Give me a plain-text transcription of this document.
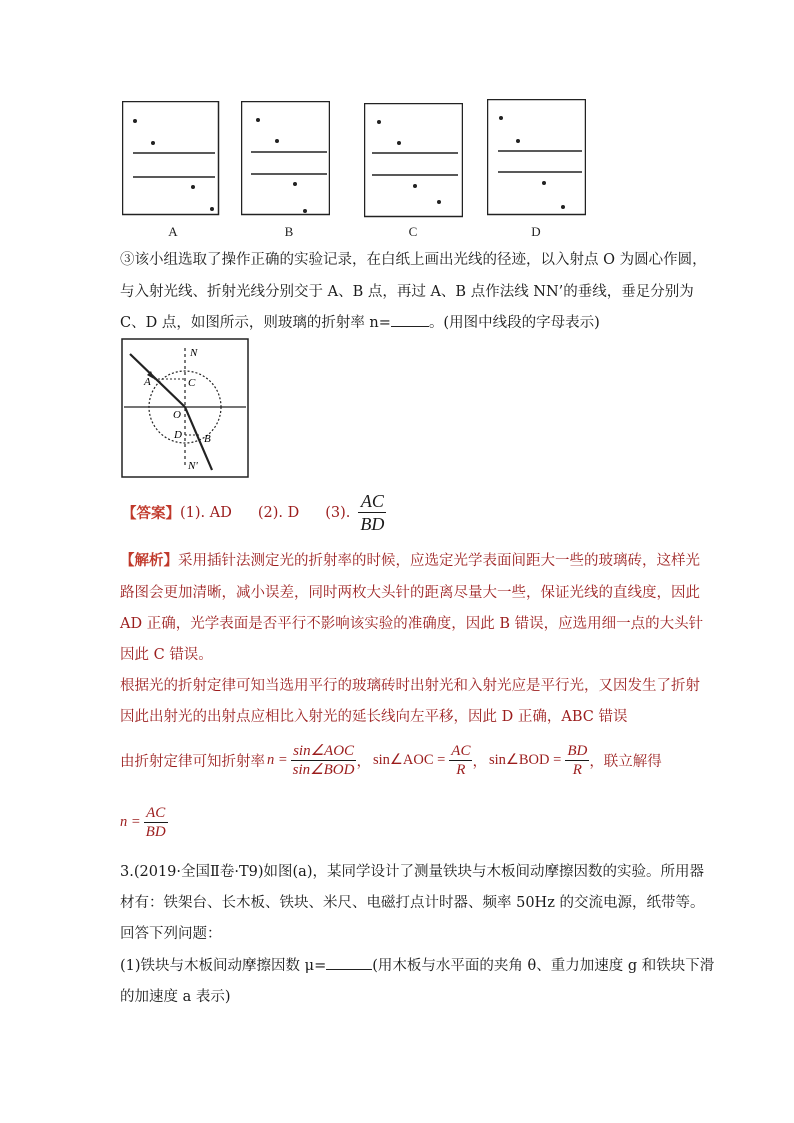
A	B	C	D
③该小组选取了操作正确的实验记录，在白纸上画出光线的径迹，以入射点 O 为圆心作圆，
与入射光线、折射光线分别交于 A、B 点，再过 A、B 点作法线 NN’的垂线，垂足分别为
C、D 点，如图所示，则玻璃的折射率 n=	。(用图中线段的字母表示)
N
A	C
O
D B
N'
【答案】 (1). AD (2). D (3). $\frac{AC}{BD}$
【解析】采用插针法测定光的折射率的时候，应选定光学表面间距大一些的玻璃砖，这样光
路图会更加清晰，减小误差，同时两枚大头针的距离尽量大一些，保证光线的直线度，因此
AD 正确，光学表面是否平行不影响该实验的准确度，因此 B 错误，应选用细一点的大头针
因此 C 错误。
根据光的折射定律可知当选用平行的玻璃砖时出射光和入射光应是平行光，又因发生了折射
因此出射光的出射点应相比入射光的延长线向左平移，因此 D 正确，ABC 错误
由折射定律可知折射率 $n = \frac{\text{sin∠AOC}}{\text{sin∠BOD}}$ ， sin∠AOC = $\frac{AC}{R}$ ， sin∠BOD = $\frac{BD}{R}$ ，联立解得
$n = \frac{AC}{BD}$
3.(2019·全国Ⅱ卷·T9)如图(a)，某同学设计了测量铁块与木板间动摩擦因数的实验。所用器
材有：铁架台、长木板、铁块、米尺、电磁打点计时器、频率 50Hz 的交流电源，纸带等。
回答下列问题：
(1)铁块与木板间动摩擦因数 μ=	(用木板与水平面的夹角 θ、重力加速度 g 和铁块下滑
的加速度 a 表示)
